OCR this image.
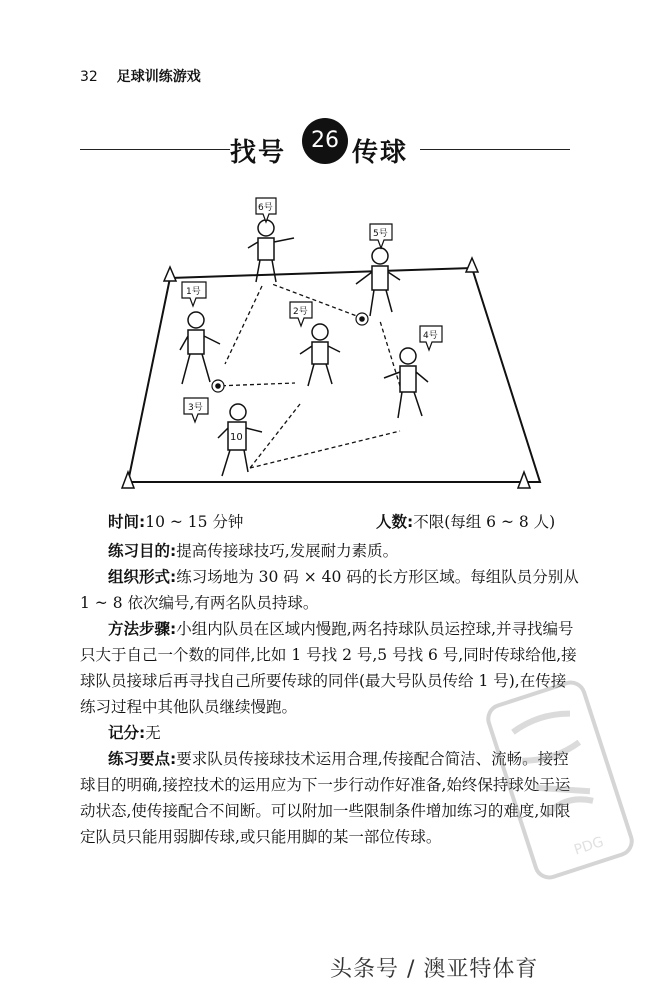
32 足球训练游戏
找号	26 传球
10
6号
5号
1号
2号
4号
3号
时间:10 ~ 15 分钟	人数:不限(每组 6 ~ 8 人)

练习目的:提高传接球技巧,发展耐力素质。

组织形式:练习场地为 30 码 × 40 码的长方形区域。每组队员分别从 1 ~ 8 依次编号,有两名队员持球。

方法步骤:小组内队员在区域内慢跑,两名持球队员运控球,并寻找编号只大于自己一个数的同伴,比如 1 号找 2 号,5 号找 6 号,同时传球给他,接球队员接球后再寻找自己所要传球的同伴(最大号队员传给 1 号),在传接练习过程中其他队员继续慢跑。

记分:无

练习要点:要求队员传接球技术运用合理,传接配合简洁、流畅。接控球目的明确,接控技术的运用应为下一步行动作好准备,始终保持球处于运动状态,使传接配合不间断。可以附加一些限制条件增加练习的难度,如限定队员只能用弱脚传球,或只能用脚的某一部位传球。	PDG
头条号 / 澳亚特体育
